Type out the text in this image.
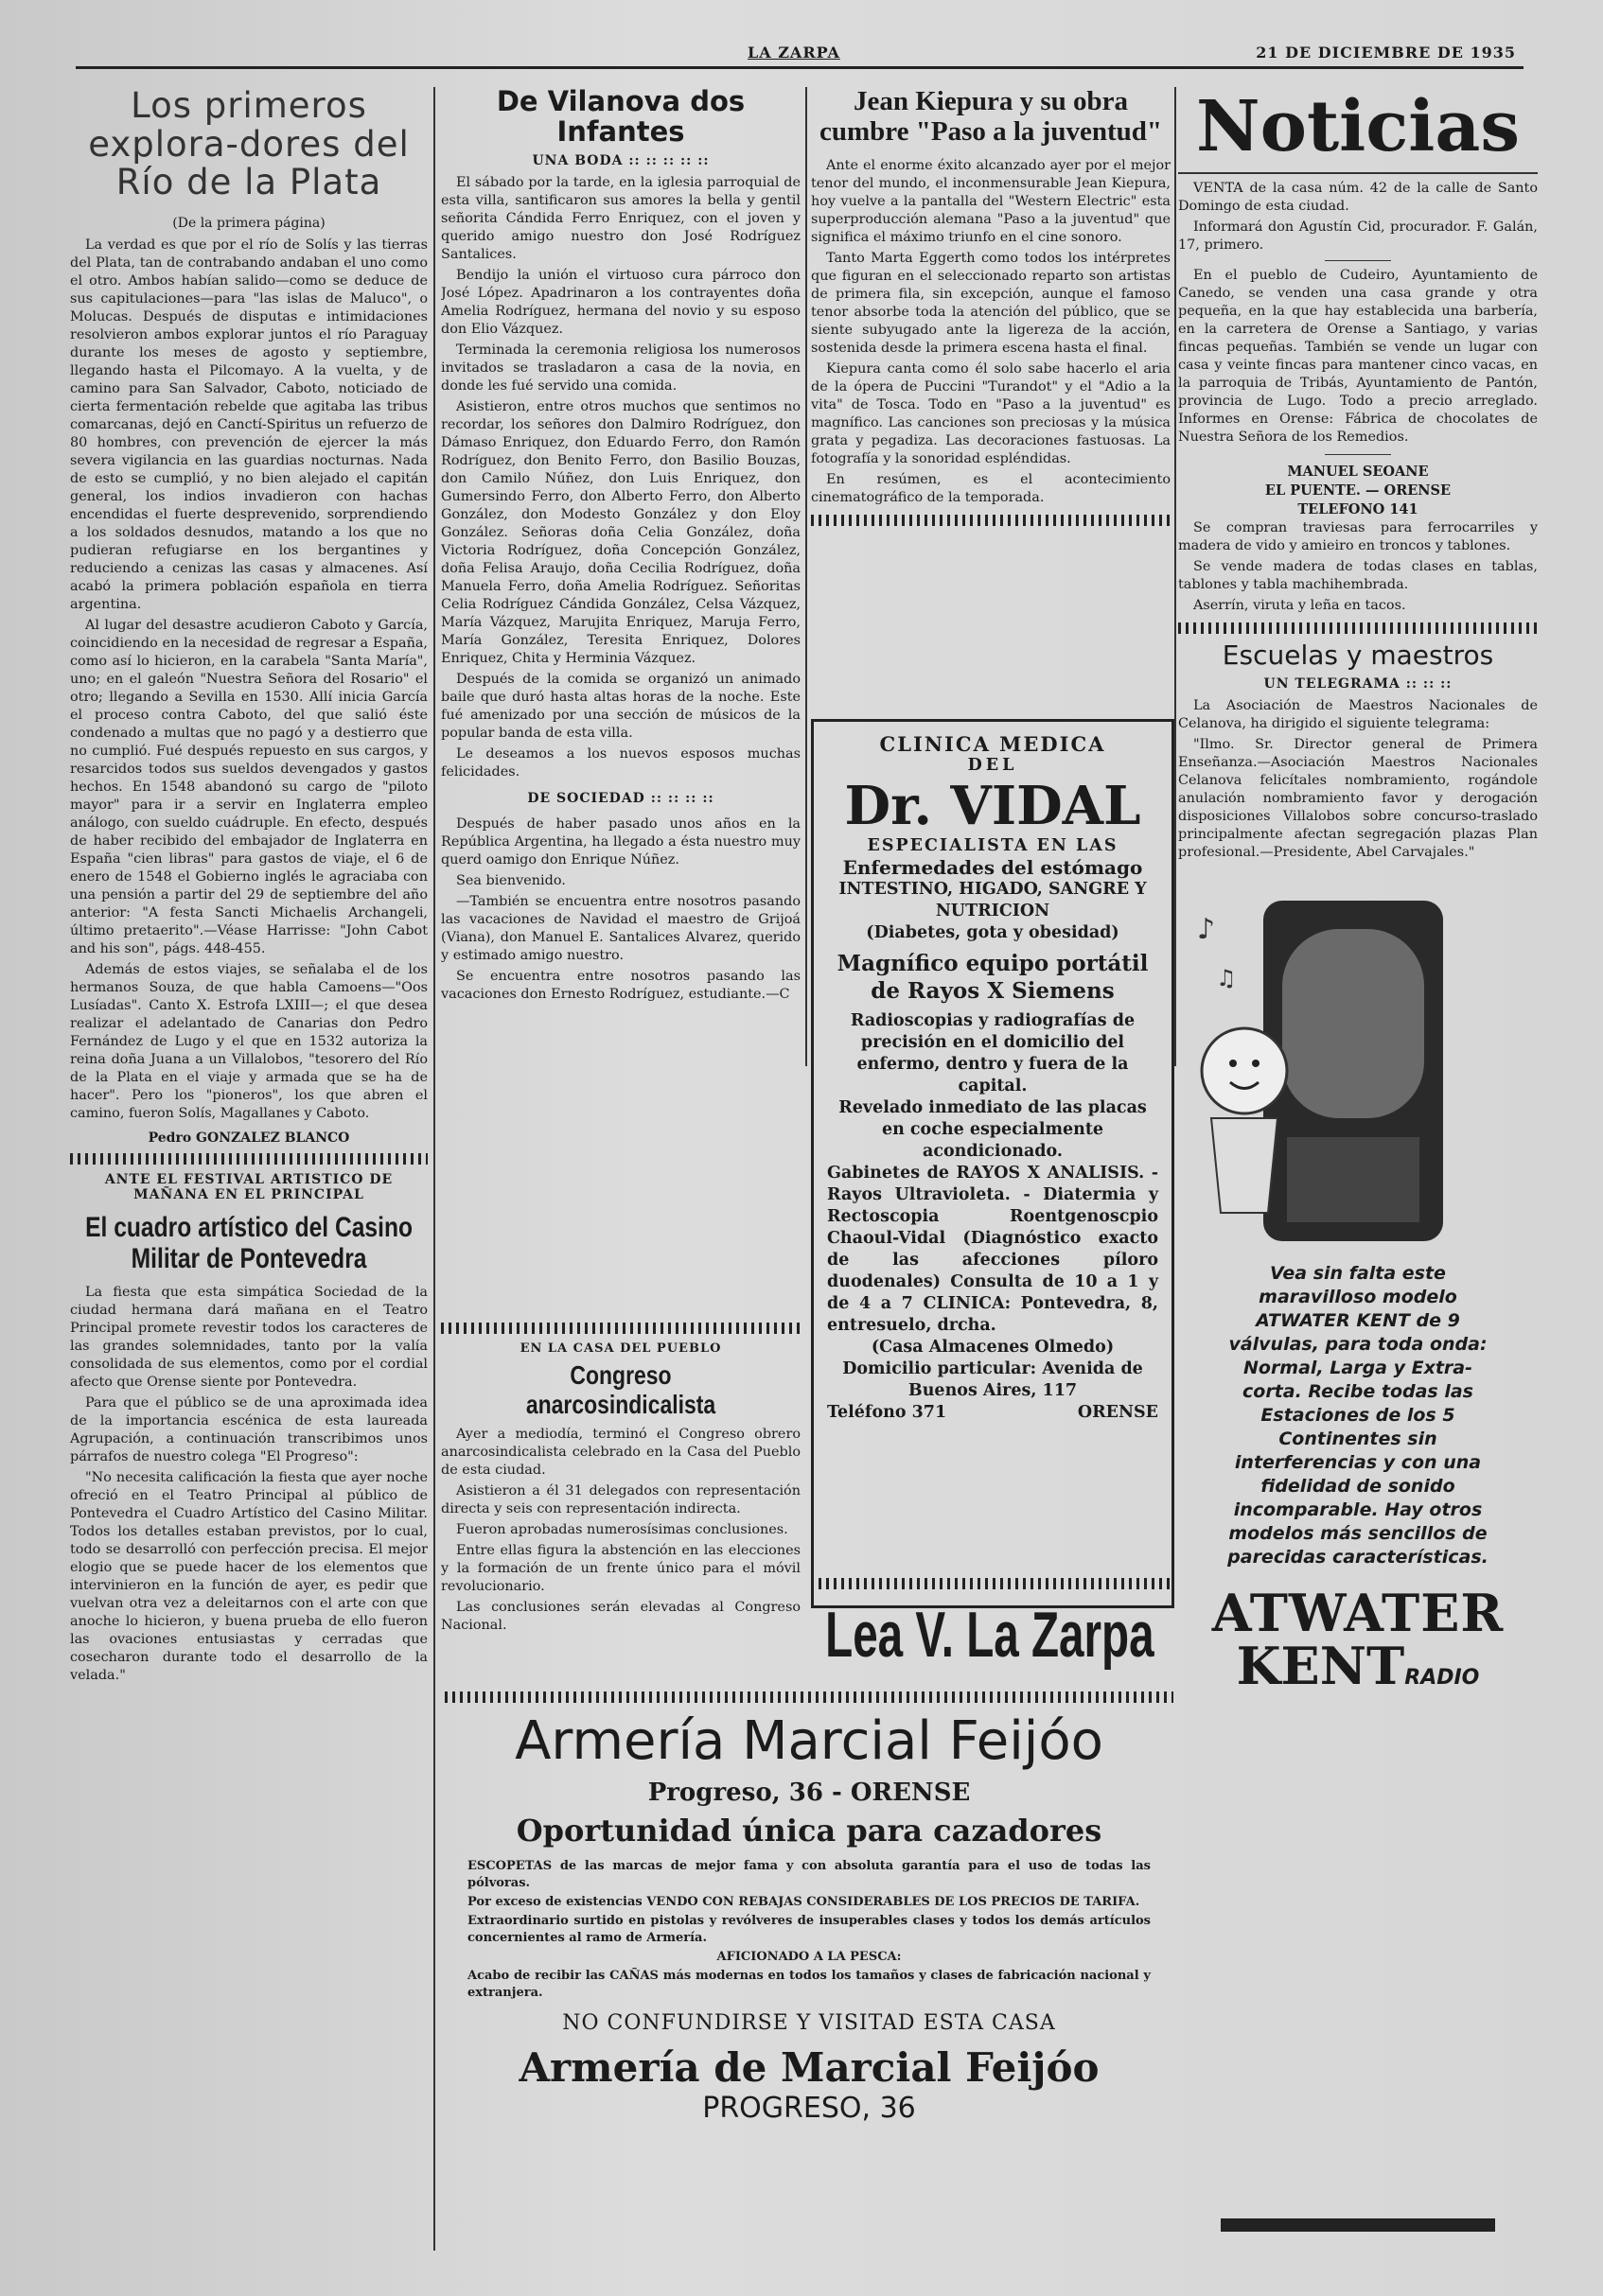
LA ZARPA	21 DE DICIEMBRE DE 1935
Los primeros explora-dores del Río de la Plata
(De la primera página)

La verdad es que por el río de Solís y las tierras del Plata, tan de contrabando andaban el uno como el otro. Ambos habían salido—como se deduce de sus capitulaciones—para "las islas de Maluco", o Molucas. Después de disputas e intimidaciones resolvieron ambos explorar juntos el río Paraguay durante los meses de agosto y septiembre, llegando hasta el Pilcomayo. A la vuelta, y de camino para San Salvador, Caboto, noticiado de cierta fermentación rebelde que agitaba las tribus comarcanas, dejó en Canctí-Spiritus un refuerzo de 80 hombres, con prevención de ejercer la más severa vigilancia en las guardias nocturnas. Nada de esto se cumplió, y no bien alejado el capitán general, los indios invadieron con hachas encendidas el fuerte desprevenido, sorprendiendo a los soldados desnudos, matando a los que no pudieran refugiarse en los bergantines y reduciendo a cenizas las casas y almacenes. Así acabó la primera población española en tierra argentina.

Al lugar del desastre acudieron Caboto y García, coincidiendo en la necesidad de regresar a España, como así lo hicieron, en la carabela "Santa María", uno; en el galeón "Nuestra Señora del Rosario" el otro; llegando a Sevilla en 1530. Allí inicia García el proceso contra Caboto, del que salió éste condenado a multas que no pagó y a destierro que no cumplió. Fué después repuesto en sus cargos, y resarcidos todos sus sueldos devengados y gastos hechos. En 1548 abandonó su cargo de "piloto mayor" para ir a servir en Inglaterra empleo análogo, con sueldo cuádruple. En efecto, después de haber recibido del embajador de Inglaterra en España "cien libras" para gastos de viaje, el 6 de enero de 1548 el Gobierno inglés le agraciaba con una pensión a partir del 29 de septiembre del año anterior: "A festa Sancti Michaelis Archangeli, último pretaerito".—Véase Harrisse: "John Cabot and his son", págs. 448-455.

Además de estos viajes, se señalaba el de los hermanos Souza, de que habla Camoens—"Oos Lusíadas". Canto X. Estrofa LXIII—; el que desea realizar el adelantado de Canarias don Pedro Fernández de Lugo y el que en 1532 autoriza la reina doña Juana a un Villalobos, "tesorero del Río de la Plata en el viaje y armada que se ha de hacer". Pero los "pioneros", los que abren el camino, fueron Solís, Magallanes y Caboto.

Pedro GONZALEZ BLANCO
ANTE EL FESTIVAL ARTISTICO DE MAÑANA EN EL PRINCIPAL
El cuadro artístico del Casino Militar de Pontevedra

La fiesta que esta simpática Sociedad de la ciudad hermana dará mañana en el Teatro Principal promete revestir todos los caracteres de las grandes solemnidades, tanto por la valía consolidada de sus elementos, como por el cordial afecto que Orense siente por Pontevedra.

Para que el público se de una aproximada idea de la importancia escénica de esta laureada Agrupación, a continuación transcribimos unos párrafos de nuestro colega "El Progreso":

"No necesita calificación la fiesta que ayer noche ofreció en el Teatro Principal al público de Pontevedra el Cuadro Artístico del Casino Militar. Todos los detalles estaban previstos, por lo cual, todo se desarrolló con perfección precisa. El mejor elogio que se puede hacer de los elementos que intervinieron en la función de ayer, es pedir que vuelvan otra vez a deleitarnos con el arte con que anoche lo hicieron, y buena prueba de ello fueron las ovaciones entusiastas y cerradas que cosecharon durante todo el desarrollo de la velada."

De Vilanova dos Infantes
UNA BODA :: :: :: :: ::

El sábado por la tarde, en la iglesia parroquial de esta villa, santificaron sus amores la bella y gentil señorita Cándida Ferro Enriquez, con el joven y querido amigo nuestro don José Rodríguez Santalices.

Bendijo la unión el virtuoso cura párroco don José López. Apadrinaron a los contrayentes doña Amelia Rodríguez, hermana del novio y su esposo don Elio Vázquez.

Terminada la ceremonia religiosa los numerosos invitados se trasladaron a casa de la novia, en donde les fué servido una comida.

Asistieron, entre otros muchos que sentimos no recordar, los señores don Dalmiro Rodríguez, don Dámaso Enriquez, don Eduardo Ferro, don Ramón Rodríguez, don Benito Ferro, don Basilio Bouzas, don Camilo Núñez, don Luis Enriquez, don Gumersindo Ferro, don Alberto Ferro, don Alberto González, don Modesto González y don Eloy González. Señoras doña Celia González, doña Victoria Rodríguez, doña Concepción González, doña Felisa Araujo, doña Cecilia Rodríguez, doña Manuela Ferro, doña Amelia Rodríguez. Señoritas Celia Rodríguez Cándida González, Celsa Vázquez, María Vázquez, Marujita Enriquez, Maruja Ferro, María González, Teresita Enriquez, Dolores Enriquez, Chita y Herminia Vázquez.

Después de la comida se organizó un animado baile que duró hasta altas horas de la noche. Este fué amenizado por una sección de músicos de la popular banda de esta villa.

Le deseamos a los nuevos esposos muchas felicidades.

DE SOCIEDAD :: :: :: ::

Después de haber pasado unos años en la República Argentina, ha llegado a ésta nuestro muy querd oamigo don Enrique Núñez.

Sea bienvenido.

—También se encuentra entre nosotros pasando las vacaciones de Navidad el maestro de Grijoá (Viana), don Manuel E. Santalices Alvarez, querido y estimado amigo nuestro.

Se encuentra entre nosotros pasando las vacaciones don Ernesto Rodríguez, estudiante.—C

EN LA CASA DEL PUEBLO
Congreso anarcosindicalista

Ayer a mediodía, terminó el Congreso obrero anarcosindicalista celebrado en la Casa del Pueblo de esta ciudad.

Asistieron a él 31 delegados con representación directa y seis con representación indirecta.

Fueron aprobadas numerosísimas conclusiones.

Entre ellas figura la abstención en las elecciones y la formación de un frente único para el móvil revolucionario.

Las conclusiones serán elevadas al Congreso Nacional.

Jean Kiepura y su obra cumbre "Paso a la juventud"

Ante el enorme éxito alcanzado ayer por el mejor tenor del mundo, el inconmensurable Jean Kiepura, hoy vuelve a la pantalla del "Western Electric" esta superproducción alemana "Paso a la juventud" que significa el máximo triunfo en el cine sonoro.

Tanto Marta Eggerth como todos los intérpretes que figuran en el seleccionado reparto son artistas de primera fila, sin excepción, aunque el famoso tenor absorbe toda la atención del público, que se siente subyugado ante la ligereza de la acción, sostenida desde la primera escena hasta el final.

Kiepura canta como él solo sabe hacerlo el aria de la ópera de Puccini "Turandot" y el "Adio a la vita" de Tosca. Todo en "Paso a la juventud" es magnífico. Las canciones son preciosas y la música grata y pegadiza. Las decoraciones fastuosas. La fotografía y la sonoridad espléndidas.

En resúmen, es el acontecimiento cinematográfico de la temporada.

CLINICA MEDICA
DEL
Dr. VIDAL
ESPECIALISTA EN LAS
Enfermedades del estómago
INTESTINO, HIGADO, SANGRE Y NUTRICION
(Diabetes, gota y obesidad)
Magnífico equipo portátil de Rayos X Siemens
Radioscopias y radiografías de precisión en el domicilio del enfermo, dentro y fuera de la capital.
Revelado inmediato de las placas en coche especialmente acondicionado.
Gabinetes de RAYOS X ANALISIS. - Rayos Ultravioleta. - Diatermia y Rectoscopia Roentgenoscpio Chaoul-Vidal (Diagnóstico exacto de las afecciones píloro duodenales) Consulta de 10 a 1 y de 4 a 7 CLINICA: Pontevedra, 8, entresuelo, drcha.
(Casa Almacenes Olmedo)
Domicilio particular: Avenida de Buenos Aires, 117
Teléfono 371	ORENSE
Lea V. La Zarpa
Armería Marcial Feijóo
Progreso, 36 - ORENSE
Oportunidad única para cazadores
ESCOPETAS de las marcas de mejor fama y con absoluta garantía para el uso de todas las pólvoras.
Por exceso de existencias VENDO CON REBAJAS CONSIDERABLES DE LOS PRECIOS DE TARIFA.
Extraordinario surtido en pistolas y revólveres de insuperables clases y todos los demás artículos concernientes al ramo de Armería.
AFICIONADO A LA PESCA:
Acabo de recibir las CAÑAS más modernas en todos los tamaños y clases de fabricación nacional y extranjera.
NO CONFUNDIRSE Y VISITAD ESTA CASA
Armería de Marcial Feijóo
PROGRESO, 36
Noticias

VENTA de la casa núm. 42 de la calle de Santo Domingo de esta ciudad.

Informará don Agustín Cid, procurador. F. Galán, 17, primero.

En el pueblo de Cudeiro, Ayuntamiento de Canedo, se venden una casa grande y otra pequeña, en la que hay establecida una barbería, en la carretera de Orense a Santiago, y varias fincas pequeñas. También se vende un lugar con casa y veinte fincas para mantener cinco vacas, en la parroquia de Tribás, Ayuntamiento de Pantón, provincia de Lugo. Todo a precio arreglado. Informes en Orense: Fábrica de chocolates de Nuestra Señora de los Remedios.

MANUEL SEOANE
EL PUENTE. — ORENSE
TELEFONO 141

Se compran traviesas para ferrocarriles y madera de vido y amieiro en troncos y tablones.

Se vende madera de todas clases en tablas, tablones y tabla machihembrada.

Aserrín, viruta y leña en tacos.

Escuelas y maestros
UN TELEGRAMA :: :: ::

La Asociación de Maestros Nacionales de Celanova, ha dirigido el siguiente telegrama:

"Ilmo. Sr. Director general de Primera Enseñanza.—Asociación Maestros Nacionales Celanova felicítales nombramiento, rogándole anulación nombramiento favor y derogación disposiciones Villalobos sobre concurso-traslado principalmente afectan segregación plazas Plan profesional.—Presidente, Abel Carvajales."

♪
♫
Vea sin falta este maravilloso modelo ATWATER KENT de 9 válvulas, para toda onda: Normal, Larga y Extra-corta. Recibe todas las Estaciones de los 5 Continentes sin interferencias y con una fidelidad de sonido incomparable. Hay otros modelos más sencillos de parecidas características.
ATWATER
KENTRADIO
